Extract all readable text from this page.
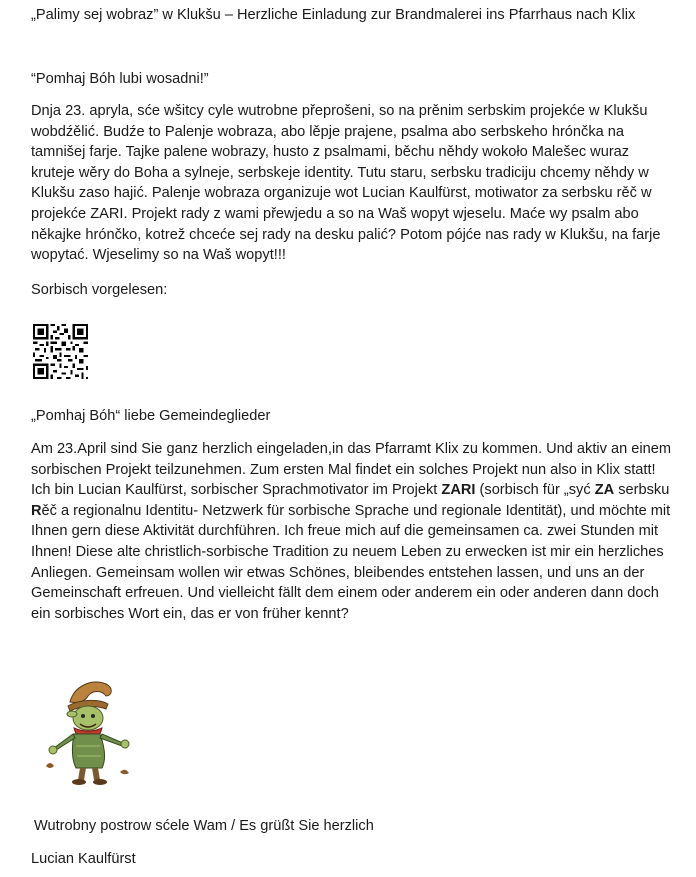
„Palimy sej wobraz” w Klukšu – Herzliche Einladung zur Brandmalerei ins Pfarrhaus nach Klix
“Pomhaj Bóh lubi wosadni!”
Dnja 23. apryla, sće wšitcy cyle wutrobne přeprošeni, so na prěnim serbskim projekće w Klukšu wobdźělić. Budźe to Palenje wobraza, abo lěpje prajene, psalma abo serbskeho hrónčka na tamnišej farje. Tajke palene wobrazy, husto z psalmami, běchu něhdy wokoło Malešec wuraz kruteje wěry do Boha a sylneje, serbskeje identity. Tutu staru, serbsku tradiciju chcemy něhdy w Klukšu zaso hajić. Palenje wobraza organizuje wot Lucian Kaulfürst, motiwator za serbsku rěč w projekće ZARI. Projekt rady z wami přewjedu a so na Waš wopyt wjeselu. Maće wy psalm abo někajke hrónčko, kotrež chceće sej rady na desku palić? Potom pójće nas rady w Klukšu, na farje wopytać. Wjeselimy so na Waš wopyt!!!
Sorbisch vorgelesen:
„Pomhaj Bóh“ liebe Gemeindeglieder
Am 23.April sind Sie ganz herzlich eingeladen,in das Pfarramt Klix zu kommen. Und aktiv an einem sorbischen Projekt teilzunehmen. Zum ersten Mal findet ein solches Projekt nun also in Klix statt! Ich bin Lucian Kaulfürst, sorbischer Sprachmotivator im Projekt ZARI (sorbisch für „syć ZA serbsku Rěč a regionalnu Identitu- Netzwerk für sorbische Sprache und regionale Identität), und möchte mit Ihnen gern diese Aktivität durchführen. Ich freue mich auf die gemeinsamen ca. zwei Stunden mit Ihnen! Diese alte christlich-sorbische Tradition zu neuem Leben zu erwecken ist mir ein herzliches Anliegen. Gemeinsam wollen wir etwas Schönes, bleibendes entstehen lassen, und uns an der Gemeinschaft erfreuen. Und vielleicht fällt dem einem oder anderem ein oder anderen dann doch ein sorbisches Wort ein, das er von früher kennt?
Wutrobny postrow sćele Wam / Es grüßt Sie herzlich
Lucian Kaulfürst
